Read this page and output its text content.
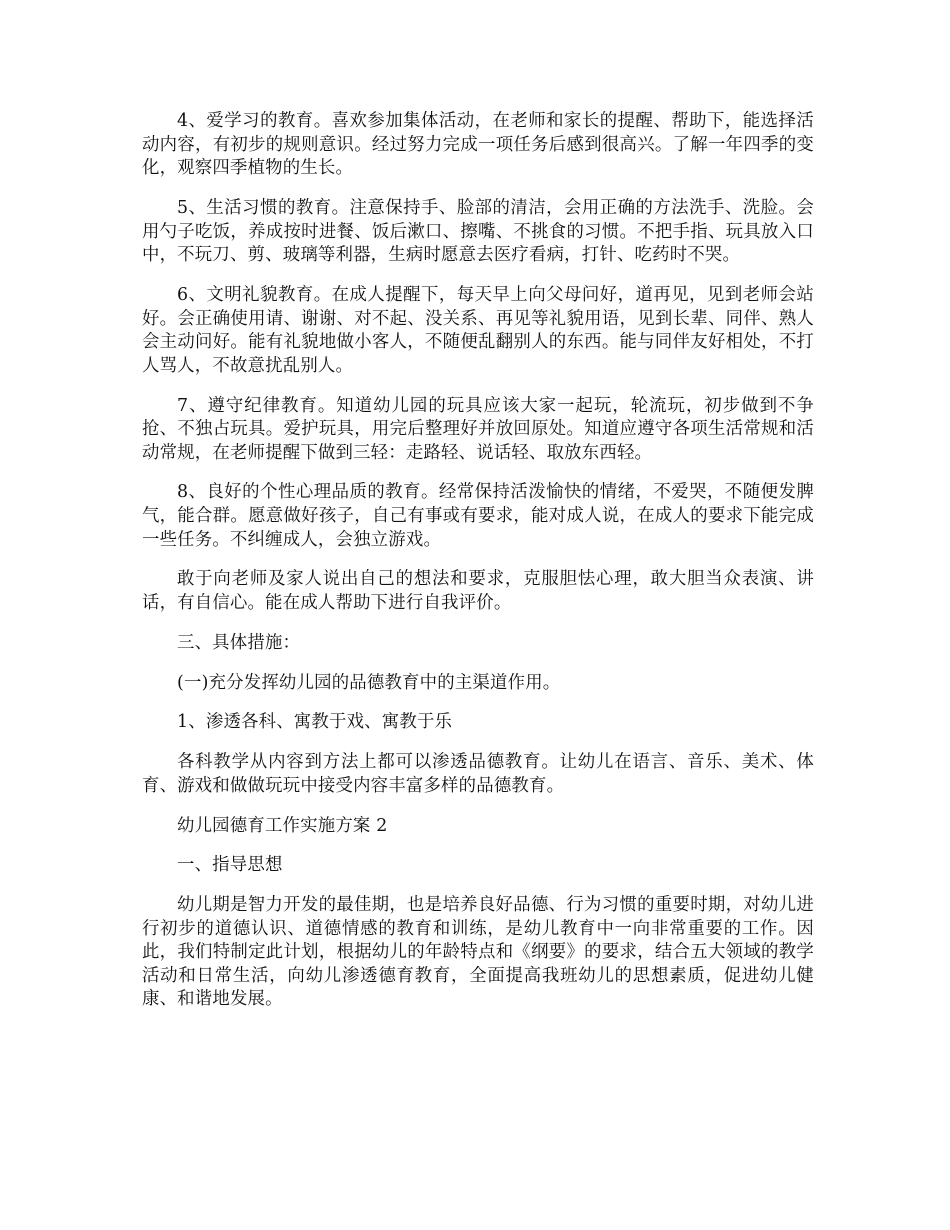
4、爱学习的教育。喜欢参加集体活动，在老师和家长的提醒、帮助下，能选择活动内容，有初步的规则意识。经过努力完成一项任务后感到很高兴。了解一年四季的变化，观察四季植物的生长。

5、生活习惯的教育。注意保持手、脸部的清洁，会用正确的方法洗手、洗脸。会用勺子吃饭，养成按时进餐、饭后漱口、擦嘴、不挑食的习惯。不把手指、玩具放入口中，不玩刀、剪、玻璃等利器，生病时愿意去医疗看病，打针、吃药时不哭。

6、文明礼貌教育。在成人提醒下，每天早上向父母问好，道再见，见到老师会站好。会正确使用请、谢谢、对不起、没关系、再见等礼貌用语，见到长辈、同伴、熟人会主动问好。能有礼貌地做小客人，不随便乱翻别人的东西。能与同伴友好相处，不打人骂人，不故意扰乱别人。

7、遵守纪律教育。知道幼儿园的玩具应该大家一起玩，轮流玩，初步做到不争抢、不独占玩具。爱护玩具，用完后整理好并放回原处。知道应遵守各项生活常规和活动常规，在老师提醒下做到三轻：走路轻、说话轻、取放东西轻。

8、良好的个性心理品质的教育。经常保持活泼愉快的情绪，不爱哭，不随便发脾气，能合群。愿意做好孩子，自己有事或有要求，能对成人说，在成人的要求下能完成一些任务。不纠缠成人，会独立游戏。

敢于向老师及家人说出自己的想法和要求，克服胆怯心理，敢大胆当众表演、讲话，有自信心。能在成人帮助下进行自我评价。

三、具体措施：

(一)充分发挥幼儿园的品德教育中的主渠道作用。

1、渗透各科、寓教于戏、寓教于乐

各科教学从内容到方法上都可以渗透品德教育。让幼儿在语言、音乐、美术、体育、游戏和做做玩玩中接受内容丰富多样的品德教育。

幼儿园德育工作实施方案 2

一、指导思想

幼儿期是智力开发的最佳期，也是培养良好品德、行为习惯的重要时期，对幼儿进行初步的道德认识、道德情感的教育和训练，是幼儿教育中一向非常重要的工作。因此，我们特制定此计划，根据幼儿的年龄特点和《纲要》的要求，结合五大领域的教学活动和日常生活，向幼儿渗透德育教育，全面提高我班幼儿的思想素质，促进幼儿健康、和谐地发展。
